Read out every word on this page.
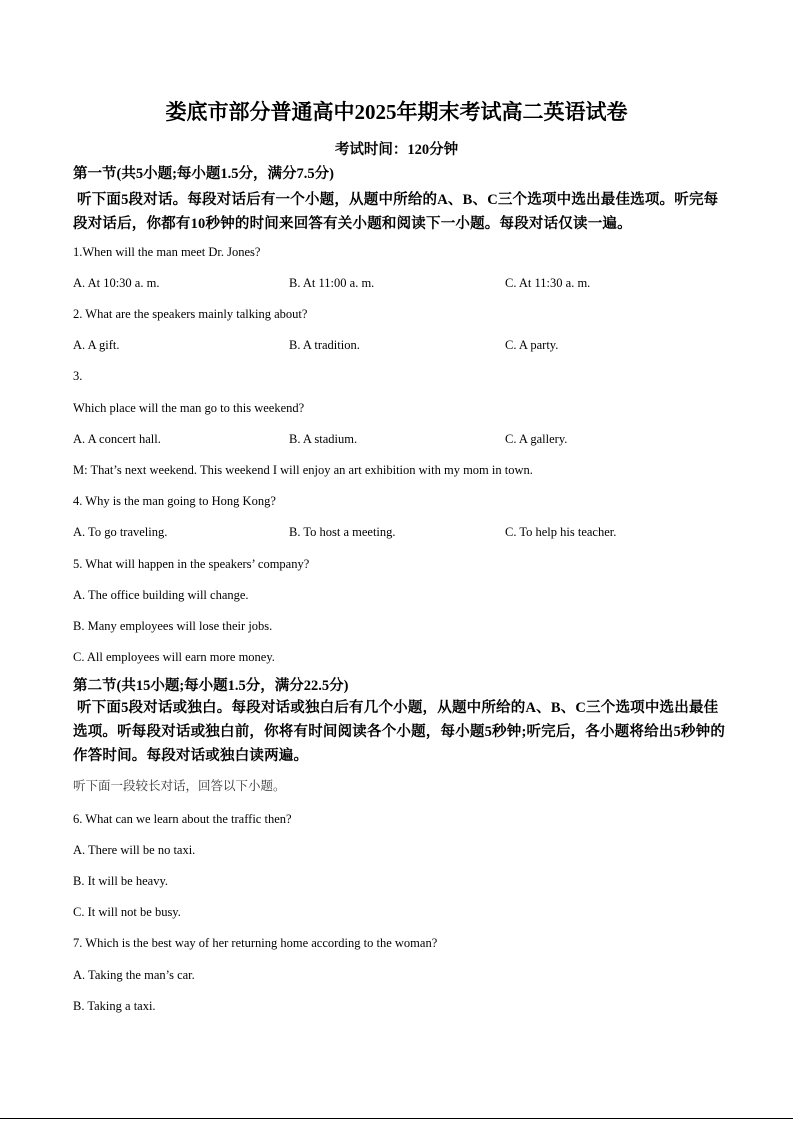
娄底市部分普通高中2025年期末考试高二英语试卷
考试时间：120分钟
第一节(共5小题;每小题1.5分，满分7.5分)
听下面5段对话。每段对话后有一个小题，从题中所给的A、B、C三个选项中选出最佳选项。听完每段对话后，你都有10秒钟的时间来回答有关小题和阅读下一小题。每段对话仅读一遍。
1.When will the man meet Dr. Jones?
A. At 10:30 a. m.	B. At 11:00 a. m.	C. At 11:30 a. m.
2. What are the speakers mainly talking about?
A. A gift.	B. A tradition.	C. A party.
3.
Which place will the man go to this weekend?
A. A concert hall.	B. A stadium.	C. A gallery.
M: That’s next weekend. This weekend I will enjoy an art exhibition with my mom in town.
4. Why is the man going to Hong Kong?
A. To go traveling.	B. To host a meeting.	C. To help his teacher.
5. What will happen in the speakers’ company?
A. The office building will change.
B. Many employees will lose their jobs.
C. All employees will earn more money.
第二节(共15小题;每小题1.5分，满分22.5分)
听下面5段对话或独白。每段对话或独白后有几个小题，从题中所给的A、B、C三个选项中选出最佳选项。听每段对话或独白前，你将有时间阅读各个小题，每小题5秒钟;听完后，各小题将给出5秒钟的作答时间。每段对话或独白读两遍。
听下面一段较长对话，回答以下小题。
6. What can we learn about the traffic then?
A. There will be no taxi.
B. It will be heavy.
C. It will not be busy.
7. Which is the best way of her returning home according to the woman?
A. Taking the man’s car.
B. Taking a taxi.
